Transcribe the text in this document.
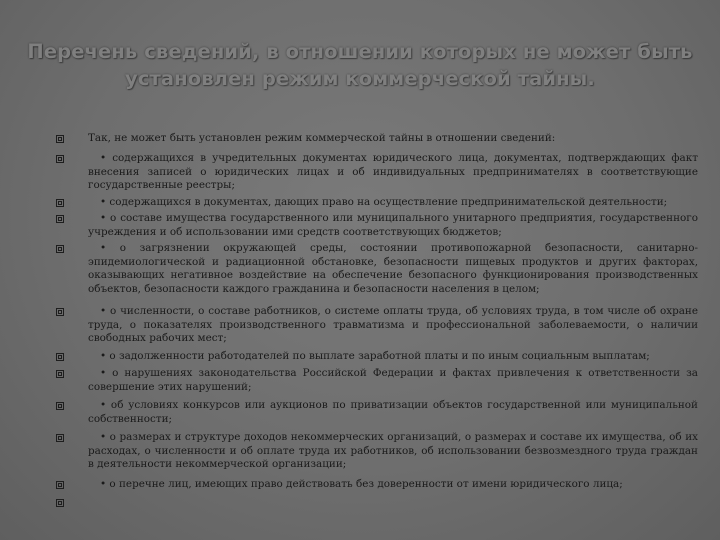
Перечень сведений, в отношении которых не может быть установлен режим коммерческой тайны.

Так, не может быть установлен режим коммерческой тайны в отношении сведений:

• содержащихся в учредительных документах юридического лица, документах, подтверждающих факт внесения записей о юридических лицах и об индивидуальных предпринимателях в соответствующие государственные реестры;

• содержащихся в документах, дающих право на осуществление предпринимательской деятельности;

• о составе имущества государственного или муниципального унитарного предприятия, государственного учреждения и об использовании ими средств соответствующих бюджетов;

• о загрязнении окружающей среды, состоянии противопожарной безопасности, санитарно-эпидемиологической и радиационной обстановке, безопасности пищевых продуктов и других факторах, оказывающих негативное воздействие на обеспечение безопасного функционирования производственных объектов, безопасности каждого гражданина и безопасности населения в целом;

• о численности, о составе работников, о системе оплаты труда, об условиях труда, в том числе об охране труда, о показателях производственного травматизма и профессиональной заболеваемости, о наличии свободных рабочих мест;

• о задолженности работодателей по выплате заработной платы и по иным социальным выплатам;

• о нарушениях законодательства Российской Федерации и фактах привлечения к ответственности за совершение этих нарушений;

• об условиях конкурсов или аукционов по приватизации объектов государственной или муниципальной собственности;

• о размерах и структуре доходов некоммерческих организаций, о размерах и составе их имущества, об их расходах, о численности и об оплате труда их работников, об использовании безвозмездного труда граждан в деятельности некоммерческой организации;

• о перечне лиц, имеющих право действовать без доверенности от имени юридического лица;
